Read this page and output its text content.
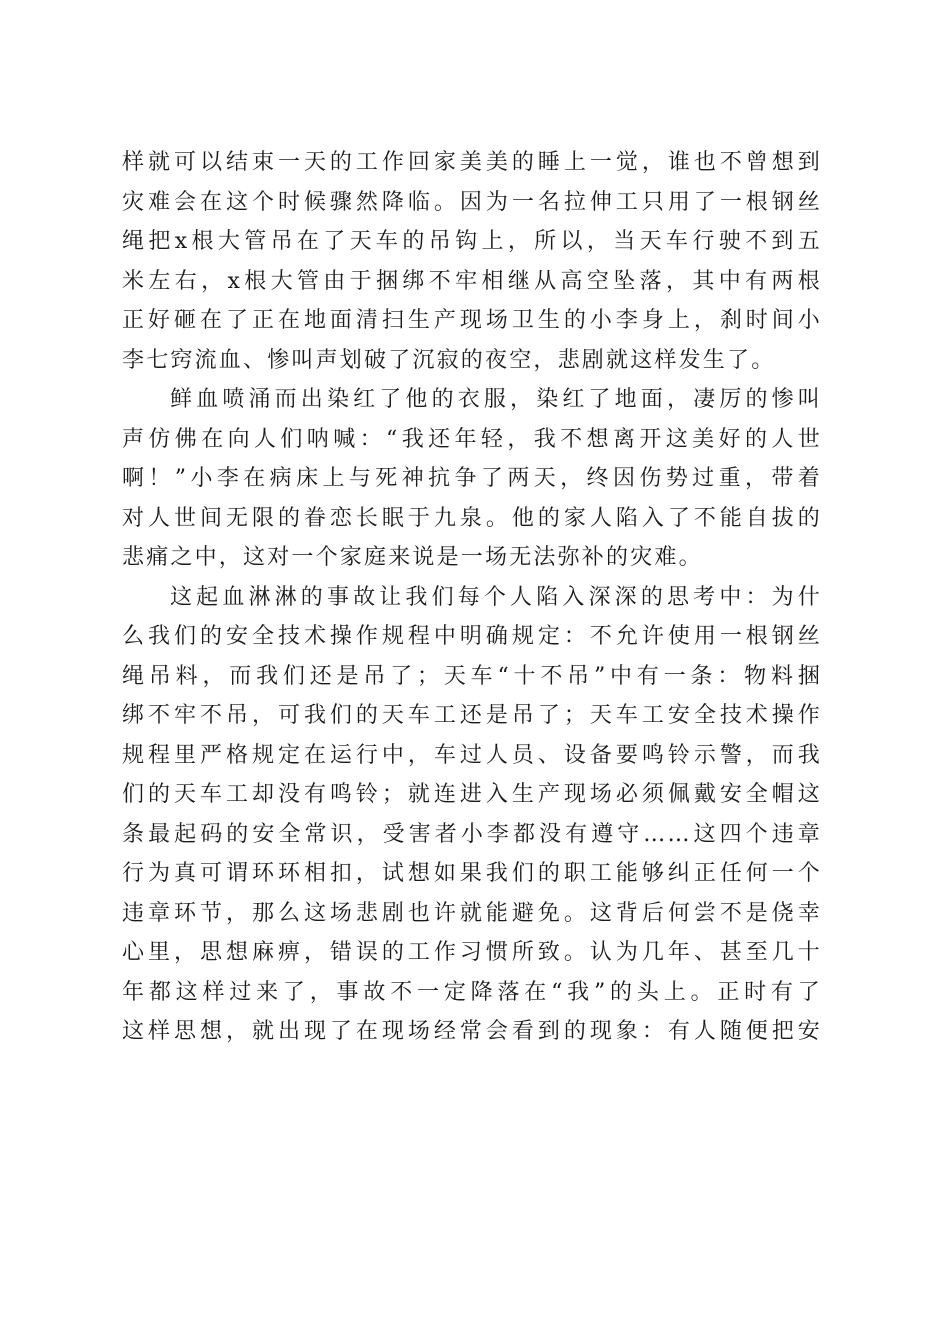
样就可以结束一天的工作回家美美的睡上一觉，谁也不曾想到
灾难会在这个时候骤然降临。因为一名拉伸工只用了一根钢丝
绳把x根大管吊在了天车的吊钩上，所以，当天车行驶不到五
米左右，x根大管由于捆绑不牢相继从高空坠落，其中有两根
正好砸在了正在地面清扫生产现场卫生的小李身上，刹时间小
李七窍流血、惨叫声划破了沉寂的夜空，悲剧就这样发生了。
鲜血喷涌而出染红了他的衣服，染红了地面，凄厉的惨叫
声仿佛在向人们呐喊：“我还年轻，我不想离开这美好的人世
啊！”小李在病床上与死神抗争了两天，终因伤势过重，带着
对人世间无限的眷恋长眠于九泉。他的家人陷入了不能自拔的
悲痛之中，这对一个家庭来说是一场无法弥补的灾难。
这起血淋淋的事故让我们每个人陷入深深的思考中：为什
么我们的安全技术操作规程中明确规定：不允许使用一根钢丝
绳吊料，而我们还是吊了；天车“十不吊”中有一条：物料捆
绑不牢不吊，可我们的天车工还是吊了；天车工安全技术操作
规程里严格规定在运行中，车过人员、设备要鸣铃示警，而我
们的天车工却没有鸣铃；就连进入生产现场必须佩戴安全帽这
条最起码的安全常识，受害者小李都没有遵守……这四个违章
行为真可谓环环相扣，试想如果我们的职工能够纠正任何一个
违章环节，那么这场悲剧也许就能避免。这背后何尝不是侥幸
心里，思想麻痹，错误的工作习惯所致。认为几年、甚至几十
年都这样过来了，事故不一定降落在“我”的头上。正时有了
这样思想，就出现了在现场经常会看到的现象：有人随便把安
